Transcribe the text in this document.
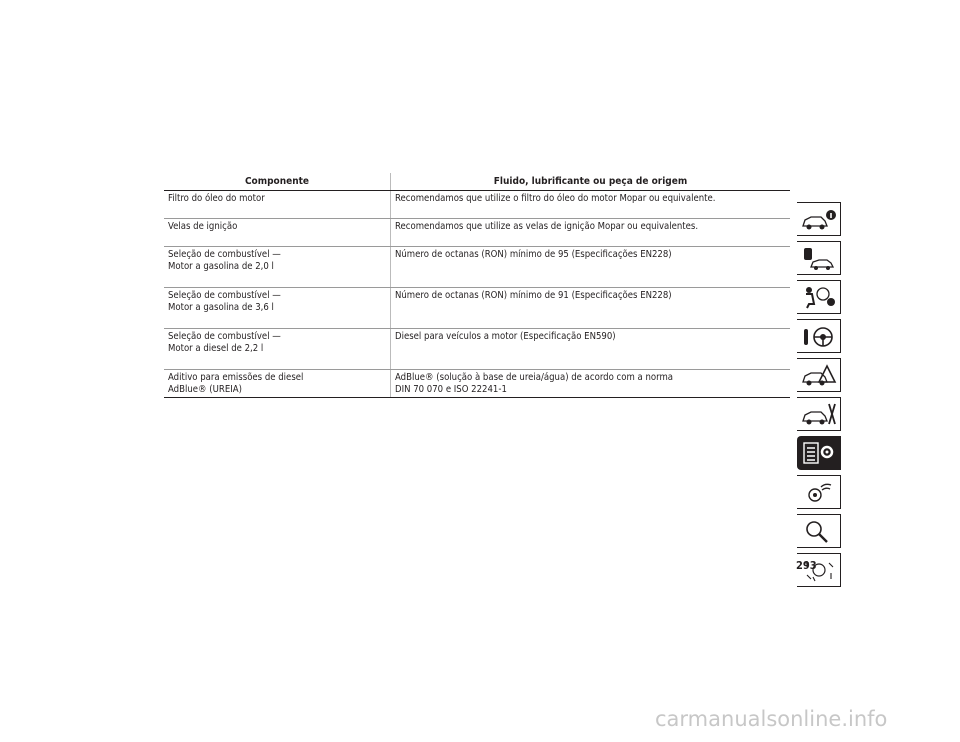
Componente	Fluido, lubrificante ou peça de origem
Filtro do óleo do motor	Recomendamos que utilize o filtro do óleo do motor Mopar ou equivalente.
Velas de ignição	Recomendamos que utilize as velas de ignição Mopar ou equivalentes.
Seleção de combustível —
Motor a gasolina de 2,0 l	Número de octanas (RON) mínimo de 95 (Especificações EN228)
Seleção de combustível —
Motor a gasolina de 3,6 l	Número de octanas (RON) mínimo de 91 (Especificações EN228)
Seleção de combustível —
Motor a diesel de 2,2 l	Diesel para veículos a motor (Especificação EN590)
Aditivo para emissões de diesel
AdBlue® (UREIA)	AdBlue® (solução à base de ureia/água) de acordo com a norma
DIN 70 070 e ISO 22241-1
293
carmanualsonline.info
